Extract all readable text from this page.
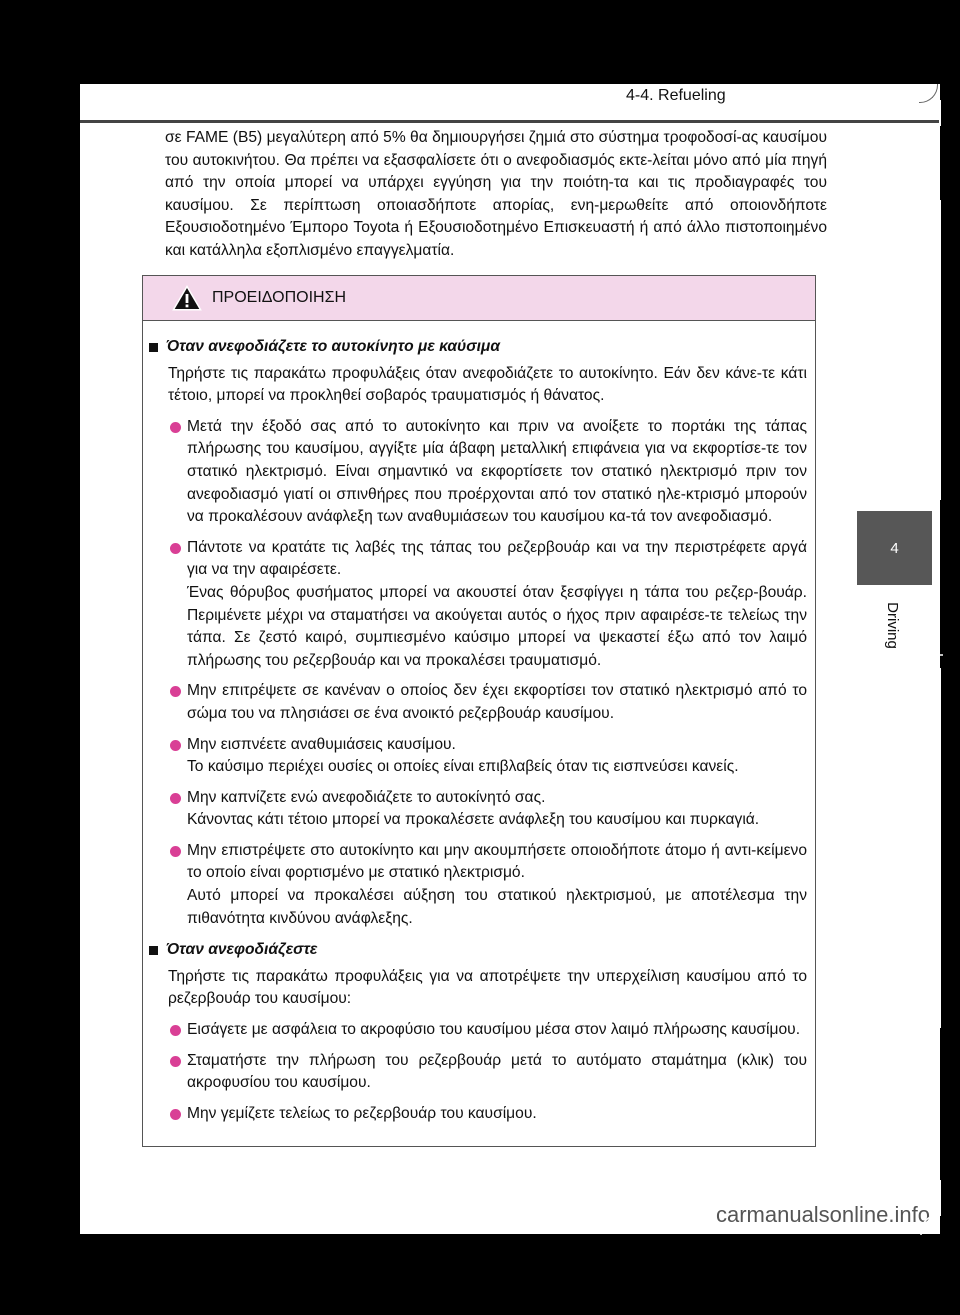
4-4. Refueling
σε FAME (B5) μεγαλύτερη από 5% θα δημιουργήσει ζημιά στο σύστημα τροφοδοσί-ας καυσίμου του αυτοκινήτου. Θα πρέπει να εξασφαλίσετε ότι ο ανεφοδιασμός εκτε-λείται μόνο από μία πηγή από την οποία μπορεί να υπάρχει εγγύηση για την ποιότη-τα και τις προδιαγραφές του καυσίμου. Σε περίπτωση οποιασδήποτε απορίας, ενη-μερωθείτε από οποιονδήποτε Εξουσιοδοτημένο Έμπορο Toyota ή Εξουσιοδοτημένο Επισκευαστή ή από άλλο πιστοποιημένο και κατάλληλα εξοπλισμένο επαγγελματία.
ΠΡΟΕΙΔΟΠΟΙΗΣΗ
Όταν ανεφοδιάζετε το αυτοκίνητο με καύσιμα
Τηρήστε τις παρακάτω προφυλάξεις όταν ανεφοδιάζετε το αυτοκίνητο. Εάν δεν κάνε-τε κάτι τέτοιο, μπορεί να προκληθεί σοβαρός τραυματισμός ή θάνατος.

Μετά την έξοδό σας από το αυτοκίνητο και πριν να ανοίξετε το πορτάκι της τάπας πλήρωσης του καυσίμου, αγγίξτε μία άβαφη μεταλλική επιφάνεια για να εκφορτίσε-τε τον στατικό ηλεκτρισμό. Είναι σημαντικό να εκφορτίσετε τον στατικό ηλεκτρισμό πριν τον ανεφοδιασμό γιατί οι σπινθήρες που προέρχονται από τον στατικό ηλε-κτρισμό μπορούν να προκαλέσουν ανάφλεξη των αναθυμιάσεων του καυσίμου κα-τά τον ανεφοδιασμό.

Πάντοτε να κρατάτε τις λαβές της τάπας του ρεζερβουάρ και να την περιστρέφετε αργά για να την αφαιρέσετε.

Ένας θόρυβος φυσήματος μπορεί να ακουστεί όταν ξεσφίγγει η τάπα του ρεζερ-βουάρ. Περιμένετε μέχρι να σταματήσει να ακούγεται αυτός ο ήχος πριν αφαιρέσε-τε τελείως την τάπα. Σε ζεστό καιρό, συμπιεσμένο καύσιμο μπορεί να ψεκαστεί έξω από τον λαιμό πλήρωσης του ρεζερβουάρ και να προκαλέσει τραυματισμό.

Μην επιτρέψετε σε κανέναν ο οποίος δεν έχει εκφορτίσει τον στατικό ηλεκτρισμό από το σώμα του να πλησιάσει σε ένα ανοικτό ρεζερβουάρ καυσίμου.

Μην εισπνέετε αναθυμιάσεις καυσίμου.

Το καύσιμο περιέχει ουσίες οι οποίες είναι επιβλαβείς όταν τις εισπνεύσει κανείς.

Μην καπνίζετε ενώ ανεφοδιάζετε το αυτοκίνητό σας.

Κάνοντας κάτι τέτοιο μπορεί να προκαλέσετε ανάφλεξη του καυσίμου και πυρκαγιά.

Μην επιστρέψετε στο αυτοκίνητο και μην ακουμπήσετε οποιοδήποτε άτομο ή αντι-κείμενο το οποίο είναι φορτισμένο με στατικό ηλεκτρισμό.

Αυτό μπορεί να προκαλέσει αύξηση του στατικού ηλεκτρισμού, με αποτέλεσμα την πιθανότητα κινδύνου ανάφλεξης.

Όταν ανεφοδιάζεστε
Τηρήστε τις παρακάτω προφυλάξεις για να αποτρέψετε την υπερχείλιση καυσίμου από το ρεζερβουάρ του καυσίμου:

Εισάγετε με ασφάλεια το ακροφύσιο του καυσίμου μέσα στον λαιμό πλήρωσης καυσίμου.

Σταματήστε την πλήρωση του ρεζερβουάρ μετά το αυτόματο σταμάτημα (κλικ) του ακροφυσίου του καυσίμου.

Μην γεμίζετε τελείως το ρεζερβουάρ του καυσίμου.

carmanualsonline.info
4
Driving
